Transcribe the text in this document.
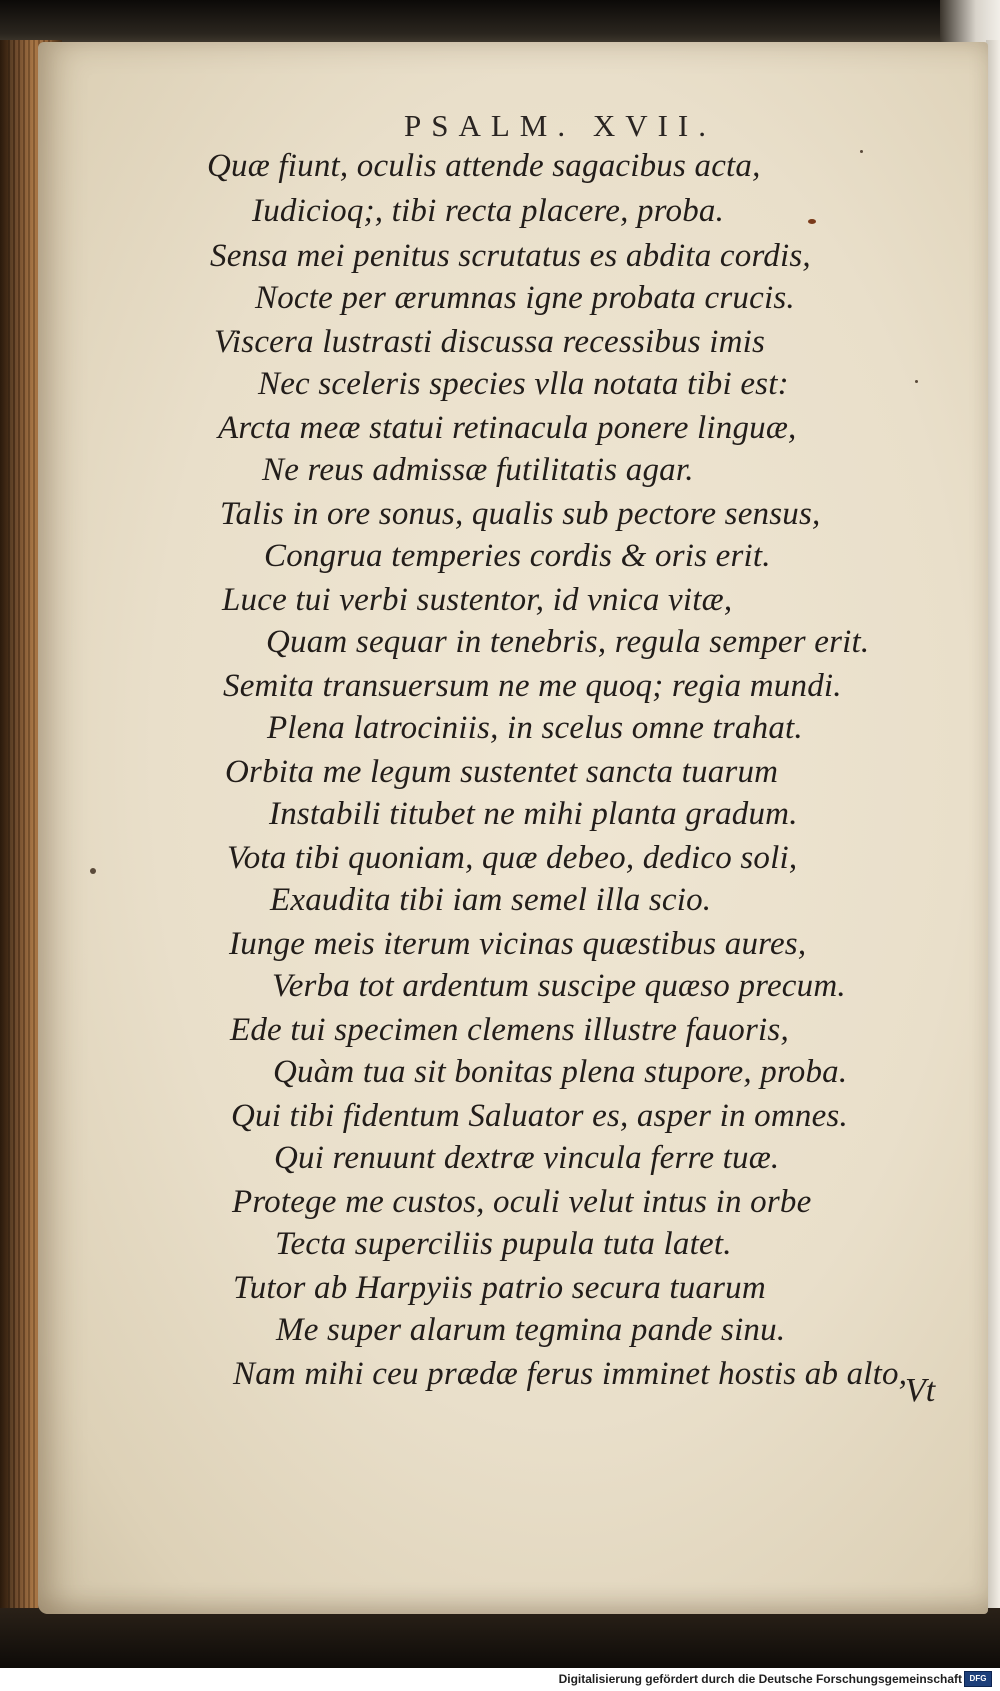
PSALM. XVII.
Quæ fiunt, oculis attende sagacibus acta,
Iudicioq;, tibi recta placere, proba.
Sensa mei penitus scrutatus es abdita cordis,
Nocte per ærumnas igne probata crucis.
Viscera lustrasti discussa recessibus imis
Nec sceleris species vlla notata tibi est:
Arcta meæ statui retinacula ponere linguæ,
Ne reus admissæ futilitatis agar.
Talis in ore sonus, qualis sub pectore sensus,
Congrua temperies cordis & oris erit.
Luce tui verbi sustentor, id vnica vitæ,
Quam sequar in tenebris, regula semper erit.
Semita transuersum ne me quoq; regia mundi.
Plena latrociniis, in scelus omne trahat.
Orbita me legum sustentet sancta tuarum
Instabili titubet ne mihi planta gradum.
Vota tibi quoniam, quæ debeo, dedico soli,
Exaudita tibi iam semel illa scio.
Iunge meis iterum vicinas quæstibus aures,
Verba tot ardentum suscipe quæso precum.
Ede tui specimen clemens illustre fauoris,
Quàm tua sit bonitas plena stupore, proba.
Qui tibi fidentum Saluator es, asper in omnes.
Qui renuunt dextræ vincula ferre tuæ.
Protege me custos, oculi velut intus in orbe
Tecta superciliis pupula tuta latet.
Tutor ab Harpyiis patrio secura tuarum
Me super alarum tegmina pande sinu.
Nam mihi ceu prædæ ferus imminet hostis ab alto,
Vt
Digitalisierung gefördert durch die Deutsche Forschungsgemeinschaft DFG
